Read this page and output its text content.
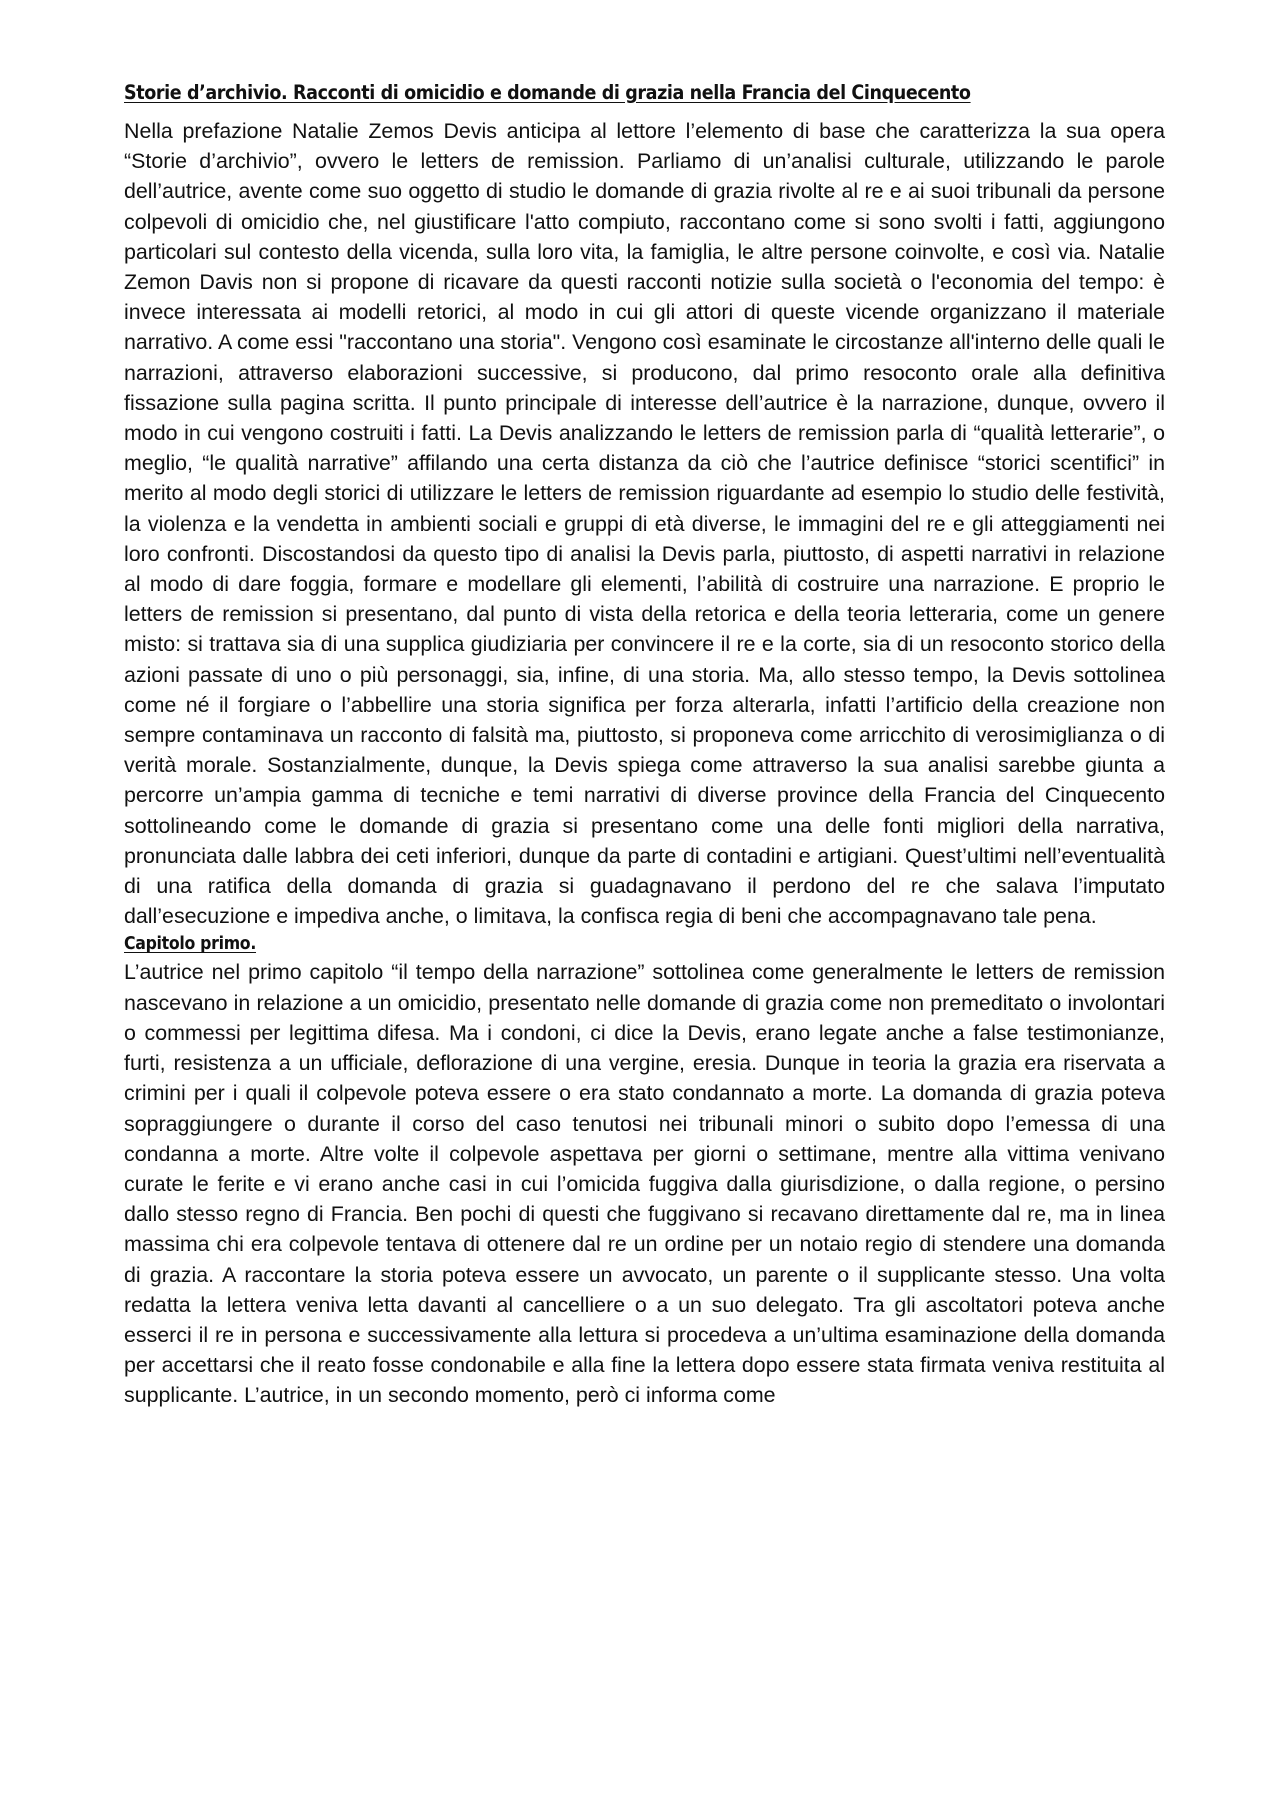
Storie d’archivio. Racconti di omicidio e domande di grazia nella Francia del Cinquecento

Nella prefazione Natalie Zemos Devis anticipa al lettore l’elemento di base che caratterizza la sua opera “Storie d’archivio”, ovvero le letters de remission. Parliamo di un’analisi culturale, utilizzando le parole dell’autrice, avente come suo oggetto di studio le domande di grazia rivolte al re e ai suoi tribunali da persone colpevoli di omicidio che, nel giustificare l'atto compiuto, raccontano come si sono svolti i fatti, aggiungono particolari sul contesto della vicenda, sulla loro vita, la famiglia, le altre persone coinvolte, e così via. Natalie Zemon Davis non si propone di ricavare da questi racconti notizie sulla società o l'economia del tempo: è invece interessata ai modelli retorici, al modo in cui gli attori di queste vicende organizzano il materiale narrativo. A come essi "raccontano una storia". Vengono così esaminate le circostanze all'interno delle quali le narrazioni, attraverso elaborazioni successive, si producono, dal primo resoconto orale alla definitiva fissazione sulla pagina scritta. Il punto principale di interesse dell’autrice è la narrazione, dunque, ovvero il modo in cui vengono costruiti i fatti. La Devis analizzando le letters de remission parla di “qualità letterarie”, o meglio, “le qualità narrative” affilando una certa distanza da ciò che l’autrice definisce “storici scentifici” in merito al modo degli storici di utilizzare le letters de remission riguardante ad esempio lo studio delle festività, la violenza e la vendetta in ambienti sociali e gruppi di età diverse, le immagini del re e gli atteggiamenti nei loro confronti. Discostandosi da questo tipo di analisi la Devis parla, piuttosto, di aspetti narrativi in relazione al modo di dare foggia, formare e modellare gli elementi, l’abilità di costruire una narrazione. E proprio le letters de remission si presentano, dal punto di vista della retorica e della teoria letteraria, come un genere misto: si trattava sia di una supplica giudiziaria per convincere il re e la corte, sia di un resoconto storico della azioni passate di uno o più personaggi, sia, infine, di una storia. Ma, allo stesso tempo, la Devis sottolinea come né il forgiare o l’abbellire una storia significa per forza alterarla, infatti l’artificio della creazione non sempre contaminava un racconto di falsità ma, piuttosto, si proponeva come arricchito di verosimiglianza o di verità morale. Sostanzialmente, dunque, la Devis spiega come attraverso la sua analisi sarebbe giunta a percorre un’ampia gamma di tecniche e temi narrativi di diverse province della Francia del Cinquecento sottolineando come le domande di grazia si presentano come una delle fonti migliori della narrativa, pronunciata dalle labbra dei ceti inferiori, dunque da parte di contadini e artigiani. Quest’ultimi nell’eventualità di una ratifica della domanda di grazia si guadagnavano il perdono del re che salava l’imputato dall’esecuzione e impediva anche, o limitava, la confisca regia di beni che accompagnavano tale pena.

Capitolo primo.

L’autrice nel primo capitolo “il tempo della narrazione” sottolinea come generalmente le letters de remission nascevano in relazione a un omicidio, presentato nelle domande di grazia come non premeditato o involontari o commessi per legittima difesa. Ma i condoni, ci dice la Devis, erano legate anche a false testimonianze, furti, resistenza a un ufficiale, deflorazione di una vergine, eresia. Dunque in teoria la grazia era riservata a crimini per i quali il colpevole poteva essere o era stato condannato a morte. La domanda di grazia poteva sopraggiungere o durante il corso del caso tenutosi nei tribunali minori o subito dopo l’emessa di una condanna a morte. Altre volte il colpevole aspettava per giorni o settimane, mentre alla vittima venivano curate le ferite e vi erano anche casi in cui l’omicida fuggiva dalla giurisdizione, o dalla regione, o persino dallo stesso regno di Francia. Ben pochi di questi che fuggivano si recavano direttamente dal re, ma in linea massima chi era colpevole tentava di ottenere dal re un ordine per un notaio regio di stendere una domanda di grazia. A raccontare la storia poteva essere un avvocato, un parente o il supplicante stesso. Una volta redatta la lettera veniva letta davanti al cancelliere o a un suo delegato. Tra gli ascoltatori poteva anche esserci il re in persona e successivamente alla lettura si procedeva a un’ultima esaminazione della domanda per accettarsi che il reato fosse condonabile e alla fine la lettera dopo essere stata firmata veniva restituita al supplicante. L’autrice, in un secondo momento, però ci informa come
